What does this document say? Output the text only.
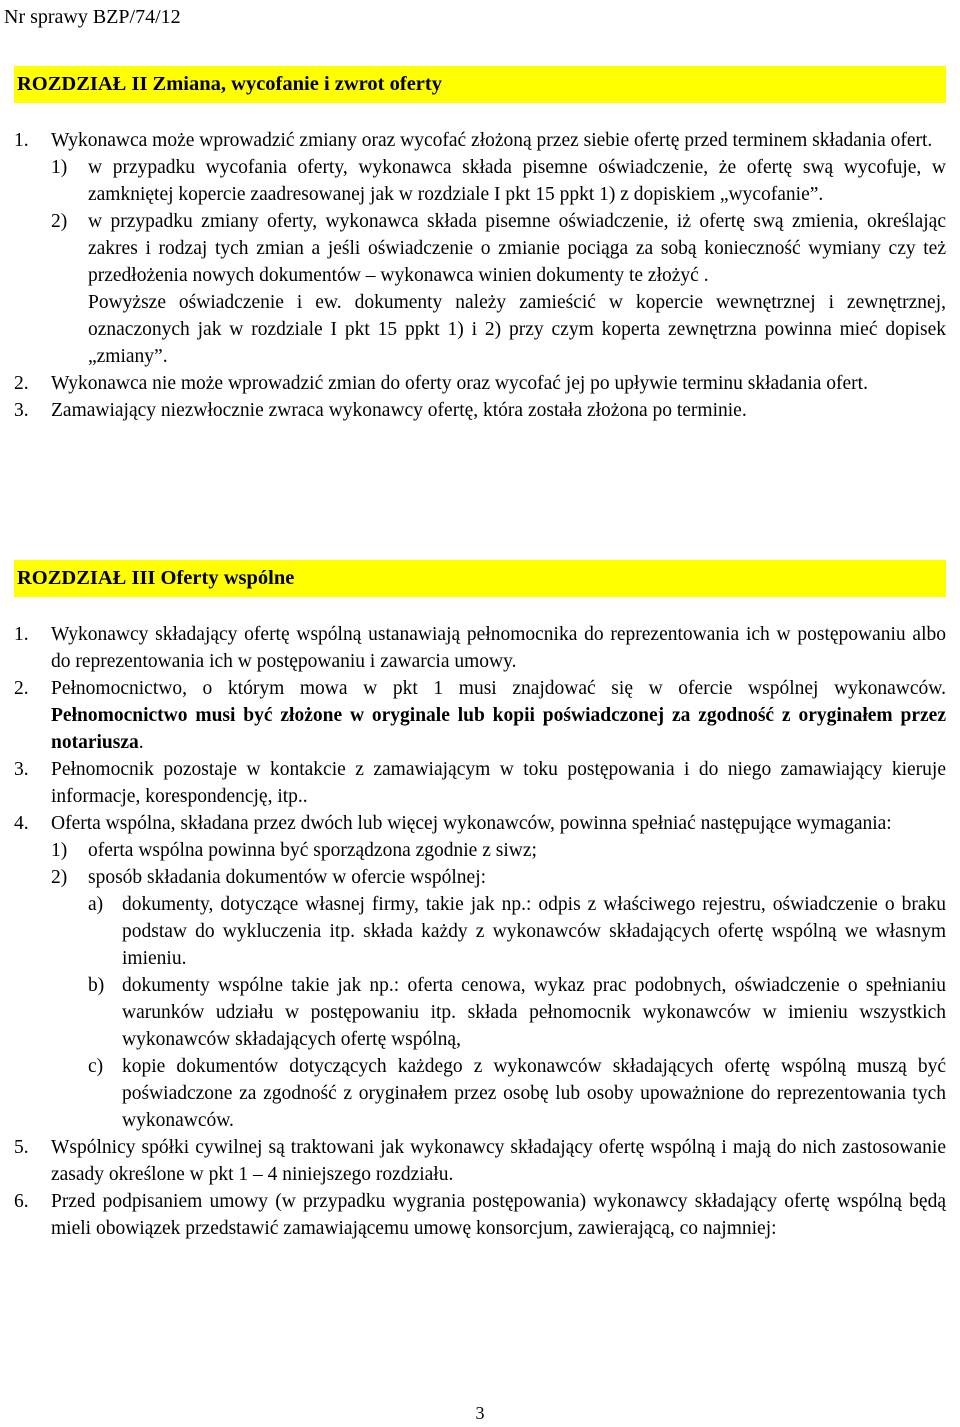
Nr sprawy BZP/74/12
ROZDZIAŁ II Zmiana, wycofanie i zwrot oferty
1.	Wykonawca może wprowadzić zmiany oraz wycofać złożoną przez siebie ofertę przed terminem składania ofert.
1)	w przypadku wycofania oferty, wykonawca składa pisemne oświadczenie, że ofertę swą wycofuje, w zamkniętej kopercie zaadresowanej jak w rozdziale I pkt 15 ppkt 1) z dopiskiem „wycofanie”.
2)	w przypadku zmiany oferty, wykonawca składa pisemne oświadczenie, iż ofertę swą zmienia, określając zakres i rodzaj tych zmian a jeśli oświadczenie o zmianie pociąga za sobą konieczność wymiany czy też przedłożenia nowych dokumentów – wykonawca winien dokumenty te złożyć .
Powyższe oświadczenie i ew. dokumenty należy zamieścić w kopercie wewnętrznej i zewnętrznej, oznaczonych jak w rozdziale I pkt 15 ppkt 1) i 2) przy czym koperta zewnętrzna powinna mieć dopisek „zmiany”.
2.	Wykonawca nie może wprowadzić zmian do oferty oraz wycofać jej po upływie terminu składania ofert.
3.	Zamawiający niezwłocznie zwraca wykonawcy ofertę, która została złożona po terminie.
ROZDZIAŁ III Oferty wspólne
1.	Wykonawcy składający ofertę wspólną ustanawiają pełnomocnika do reprezentowania ich w postępowaniu albo do reprezentowania ich w postępowaniu i zawarcia umowy.
2.	Pełnomocnictwo, o którym mowa w pkt 1 musi znajdować się w ofercie wspólnej wykonawców. Pełnomocnictwo musi być złożone w oryginale lub kopii poświadczonej za zgodność z oryginałem przez notariusza.
3.	Pełnomocnik pozostaje w kontakcie z zamawiającym w toku postępowania i do niego zamawiający kieruje informacje, korespondencję, itp..
4.	Oferta wspólna, składana przez dwóch lub więcej wykonawców, powinna spełniać następujące wymagania:
1)	oferta wspólna powinna być sporządzona zgodnie z siwz;
2)	sposób składania dokumentów w ofercie wspólnej:
a) dokumenty, dotyczące własnej firmy, takie jak np.: odpis z właściwego rejestru, oświadczenie o braku podstaw do wykluczenia itp. składa każdy z wykonawców składających ofertę wspólną we własnym imieniu.
b) dokumenty wspólne takie jak np.: oferta cenowa, wykaz prac podobnych, oświadczenie o spełnianiu warunków udziału w postępowaniu itp. składa pełnomocnik wykonawców w imieniu wszystkich wykonawców składających ofertę wspólną,
c) kopie dokumentów dotyczących każdego z wykonawców składających ofertę wspólną muszą być poświadczone za zgodność z oryginałem przez osobę lub osoby upoważnione do reprezentowania tych wykonawców.
5.	Wspólnicy spółki cywilnej są traktowani jak wykonawcy składający ofertę wspólną i mają do nich zastosowanie zasady określone w pkt 1 – 4 niniejszego rozdziału.
6.	Przed podpisaniem umowy (w przypadku wygrania postępowania) wykonawcy składający ofertę wspólną będą mieli obowiązek przedstawić zamawiającemu umowę konsorcjum, zawierającą, co najmniej:
3
